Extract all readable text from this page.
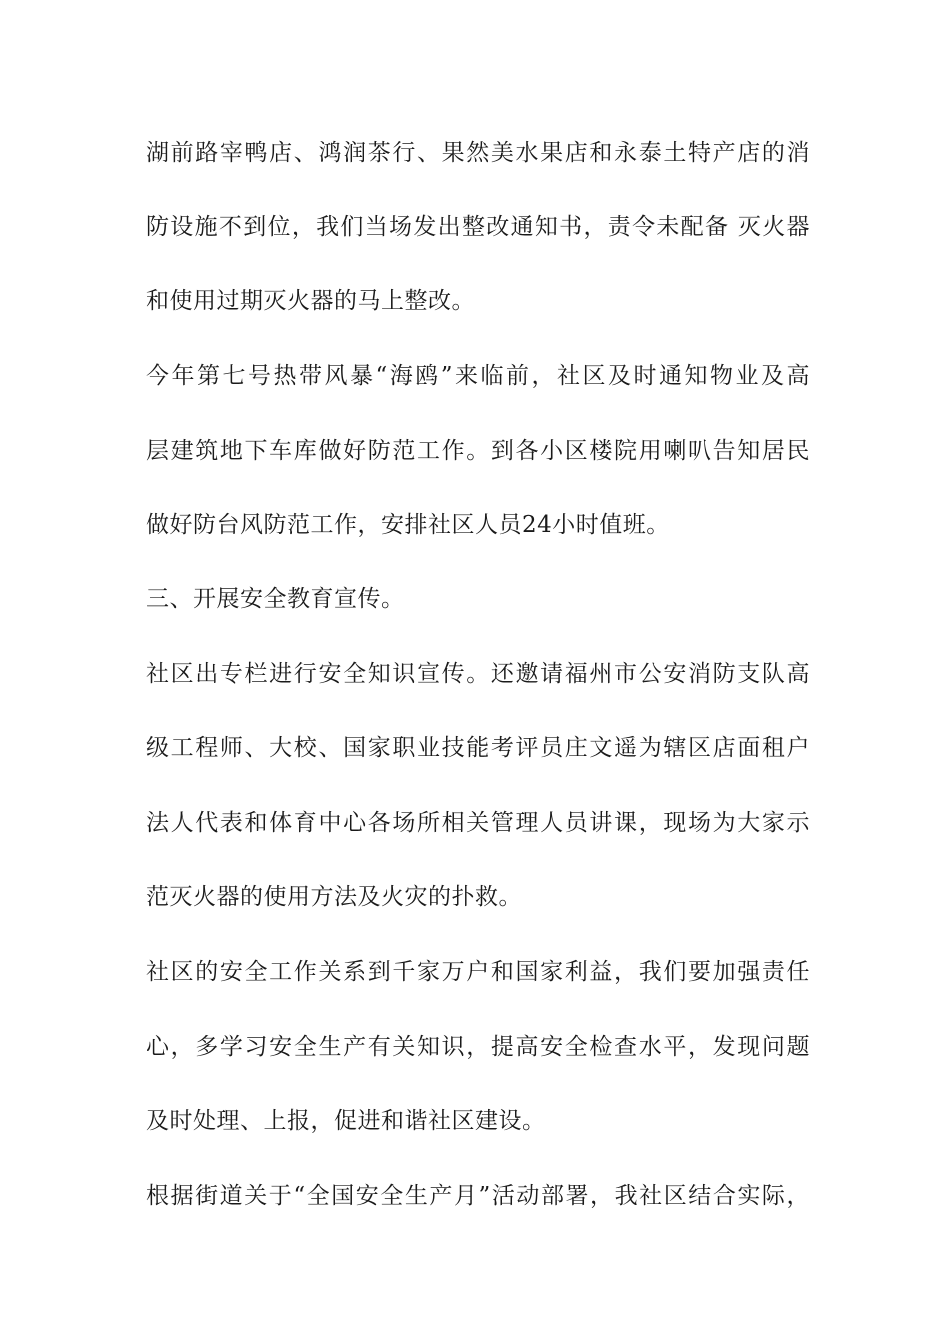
湖前路宰鸭店、鸿润茶行、果然美水果店和永泰土特产店的消
防设施不到位，我们当场发出整改通知书，责令未配备 灭火器
和使用过期灭火器的马上整改。
今年第七号热带风暴“海鸥”来临前，社区及时通知物业及高
层建筑地下车库做好防范工作。到各小区楼院用喇叭告知居民
做好防台风防范工作，安排社区人员24小时值班。
三、开展安全教育宣传。
社区出专栏进行安全知识宣传。还邀请福州市公安消防支队高
级工程师、大校、国家职业技能考评员庄文遥为辖区店面租户
法人代表和体育中心各场所相关管理人员讲课，现场为大家示
范灭火器的使用方法及火灾的扑救。
社区的安全工作关系到千家万户和国家利益，我们要加强责任
心，多学习安全生产有关知识，提高安全检查水平，发现问题
及时处理、上报，促进和谐社区建设。
根据街道关于“全国安全生产月”活动部署，我社区结合实际，
